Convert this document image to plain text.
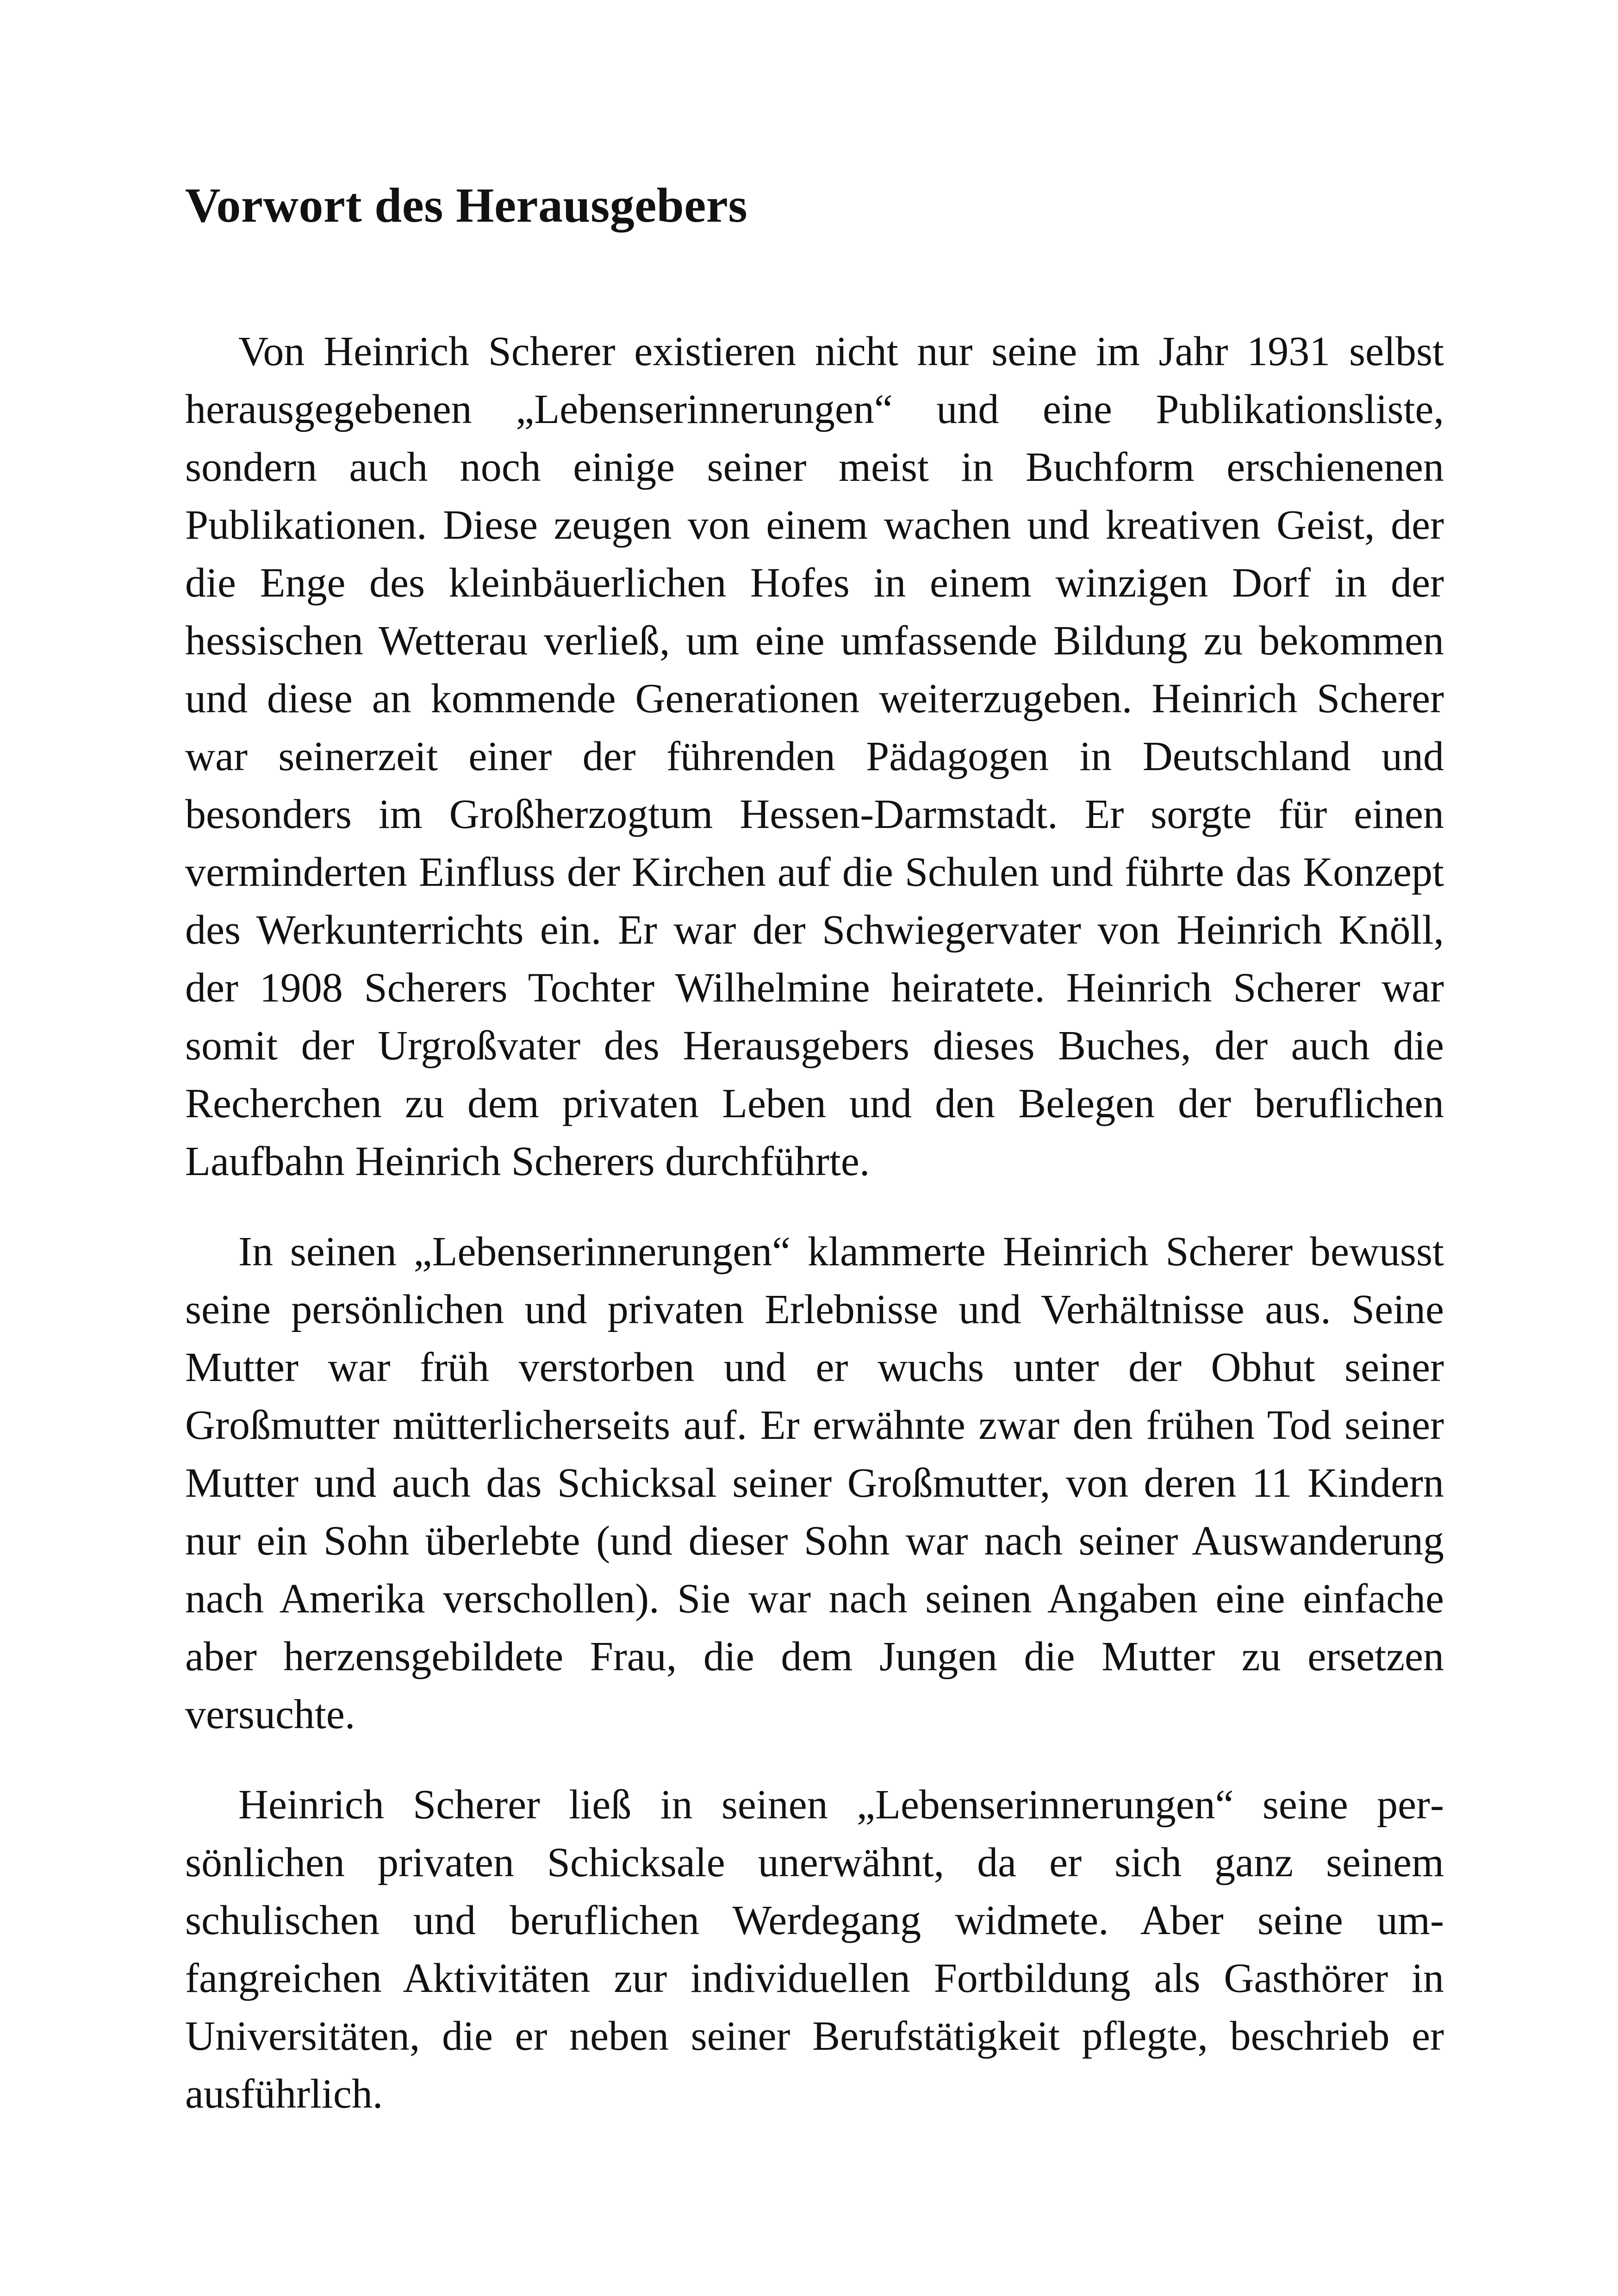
Vorwort des Herausgebers

Von Heinrich Scherer existieren nicht nur seine im Jahr 1931 selbst herausgegebenen „Lebenserinnerungen“ und eine Publikationsliste, sondern auch noch einige seiner meist in Buchform erschienenen Publikationen. Diese zeugen von einem wachen und kreativen Geist, der die Enge des kleinbäuerlichen Hofes in einem winzigen Dorf in der hessischen Wetterau verließ, um eine umfassende Bildung zu bekommen und diese an kommende Generationen weiterzugeben. Heinrich Scherer war seinerzeit einer der führenden Pädagogen in Deutschland und besonders im Großherzogtum Hessen-Darmstadt. Er sorgte für einen verminderten Einfluss der Kirchen auf die Schulen und führte das Konzept des Werkunterrichts ein. Er war der Schwiegervater von Heinrich Knöll, der 1908 Scherers Tochter Wilhelmine heiratete. Heinrich Scherer war somit der Urgroßvater des Herausgebers dieses Buches, der auch die Recherchen zu dem privaten Leben und den Belegen der beruflichen Laufbahn Heinrich Scherers durchführte.

In seinen „Lebenserinnerungen“ klammerte Heinrich Scherer bewusst seine persönlichen und privaten Erlebnisse und Verhältnisse aus. Seine Mutter war früh verstorben und er wuchs unter der Obhut seiner Großmutter mütterlicherseits auf. Er erwähnte zwar den frühen Tod seiner Mutter und auch das Schicksal seiner Großmutter, von deren 11 Kindern nur ein Sohn überlebte (und dieser Sohn war nach seiner Auswanderung nach Amerika verschollen). Sie war nach seinen Angaben eine einfache aber herzensgebildete Frau, die dem Jungen die Mutter zu ersetzen versuchte.

Heinrich Scherer ließ in seinen „Lebenserinnerungen“ seine persönlichen privaten Schicksale unerwähnt, da er sich ganz seinem schulischen und beruflichen Werdegang widmete. Aber seine umfangreichen Aktivitäten zur individuellen Fortbildung als Gasthörer in Universitäten, die er neben seiner Berufstätigkeit pflegte, beschrieb er ausführlich.
